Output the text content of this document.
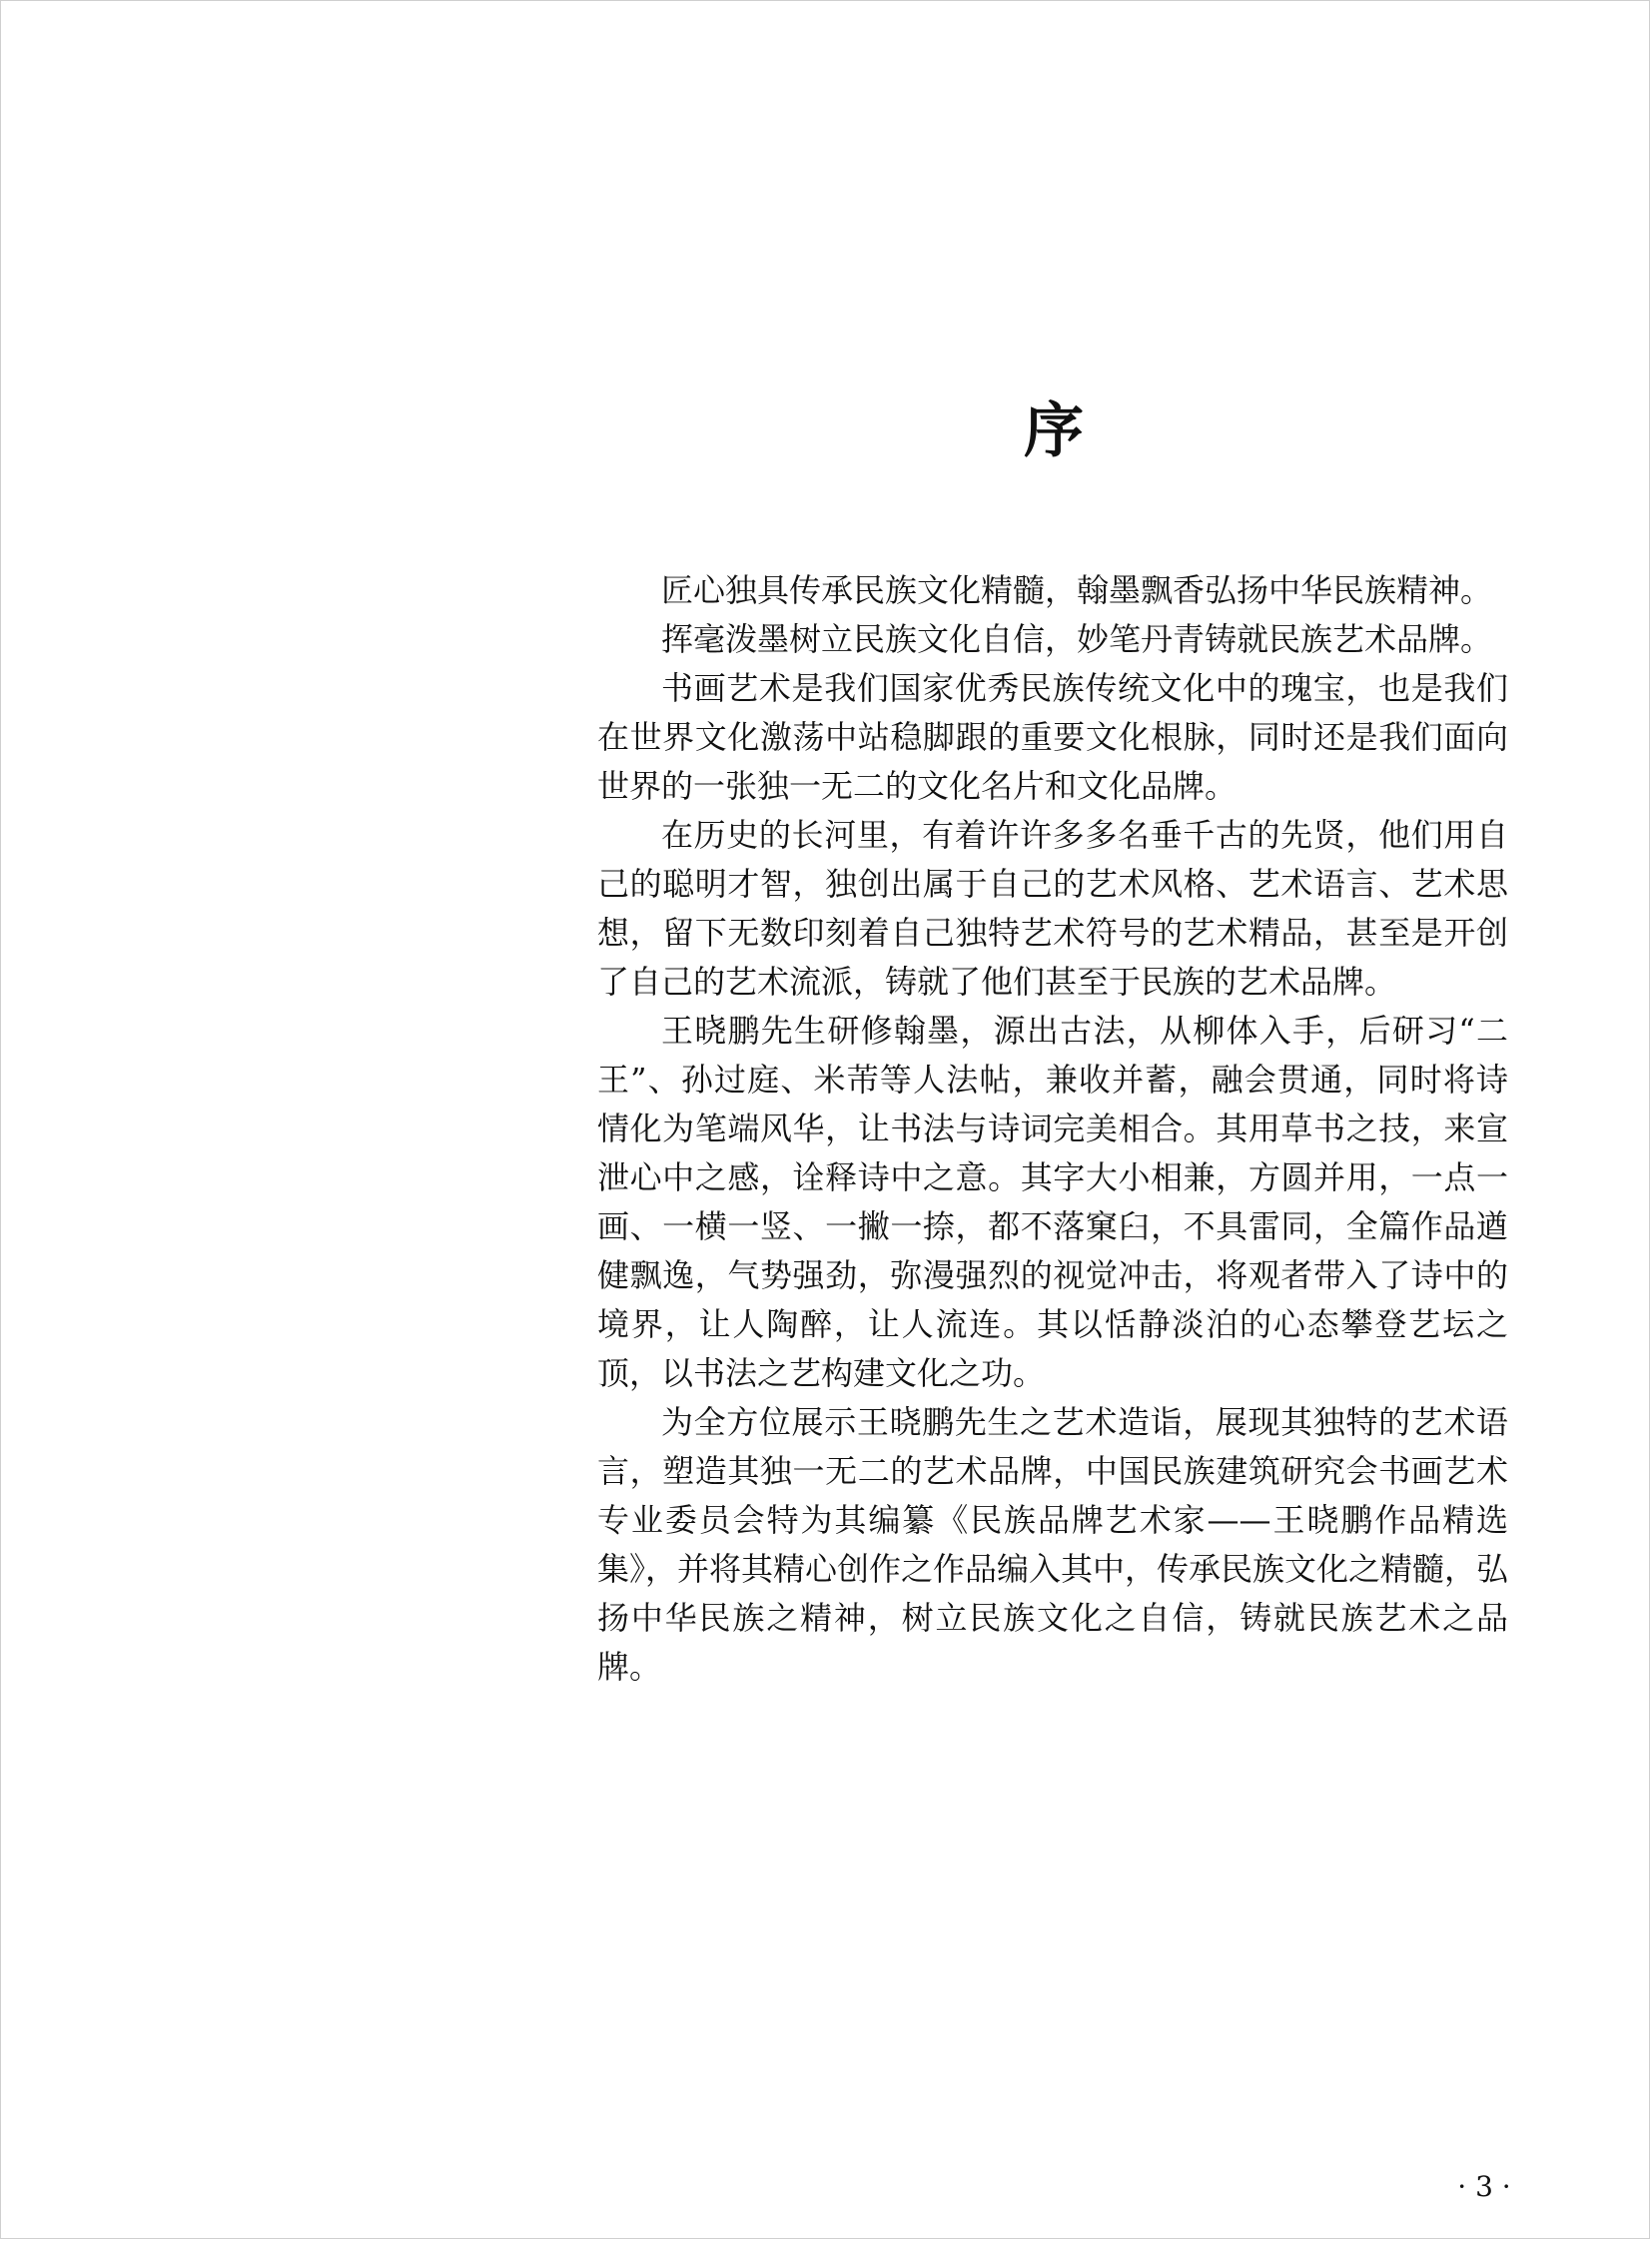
序

匠心独具传承民族文化精髓，翰墨飘香弘扬中华民族精神。

挥毫泼墨树立民族文化自信，妙笔丹青铸就民族艺术品牌。

书画艺术是我们国家优秀民族传统文化中的瑰宝，也是我们在世界文化激荡中站稳脚跟的重要文化根脉，同时还是我们面向世界的一张独一无二的文化名片和文化品牌。

在历史的长河里，有着许许多多名垂千古的先贤，他们用自己的聪明才智，独创出属于自己的艺术风格、艺术语言、艺术思想，留下无数印刻着自己独特艺术符号的艺术精品，甚至是开创了自己的艺术流派，铸就了他们甚至于民族的艺术品牌。

王晓鹏先生研修翰墨，源出古法，从柳体入手，后研习“二王”、孙过庭、米芾等人法帖，兼收并蓄，融会贯通，同时将诗情化为笔端风华，让书法与诗词完美相合。其用草书之技，来宣泄心中之感，诠释诗中之意。其字大小相兼，方圆并用，一点一画、一横一竖、一撇一捺，都不落窠臼，不具雷同，全篇作品遒健飘逸，气势强劲，弥漫强烈的视觉冲击，将观者带入了诗中的境界，让人陶醉，让人流连。其以恬静淡泊的心态攀登艺坛之顶，以书法之艺构建文化之功。

为全方位展示王晓鹏先生之艺术造诣，展现其独特的艺术语言，塑造其独一无二的艺术品牌，中国民族建筑研究会书画艺术专业委员会特为其编纂《民族品牌艺术家——王晓鹏作品精选集》，并将其精心创作之作品编入其中，传承民族文化之精髓，弘扬中华民族之精神，树立民族文化之自信，铸就民族艺术之品牌。

· 3 ·
